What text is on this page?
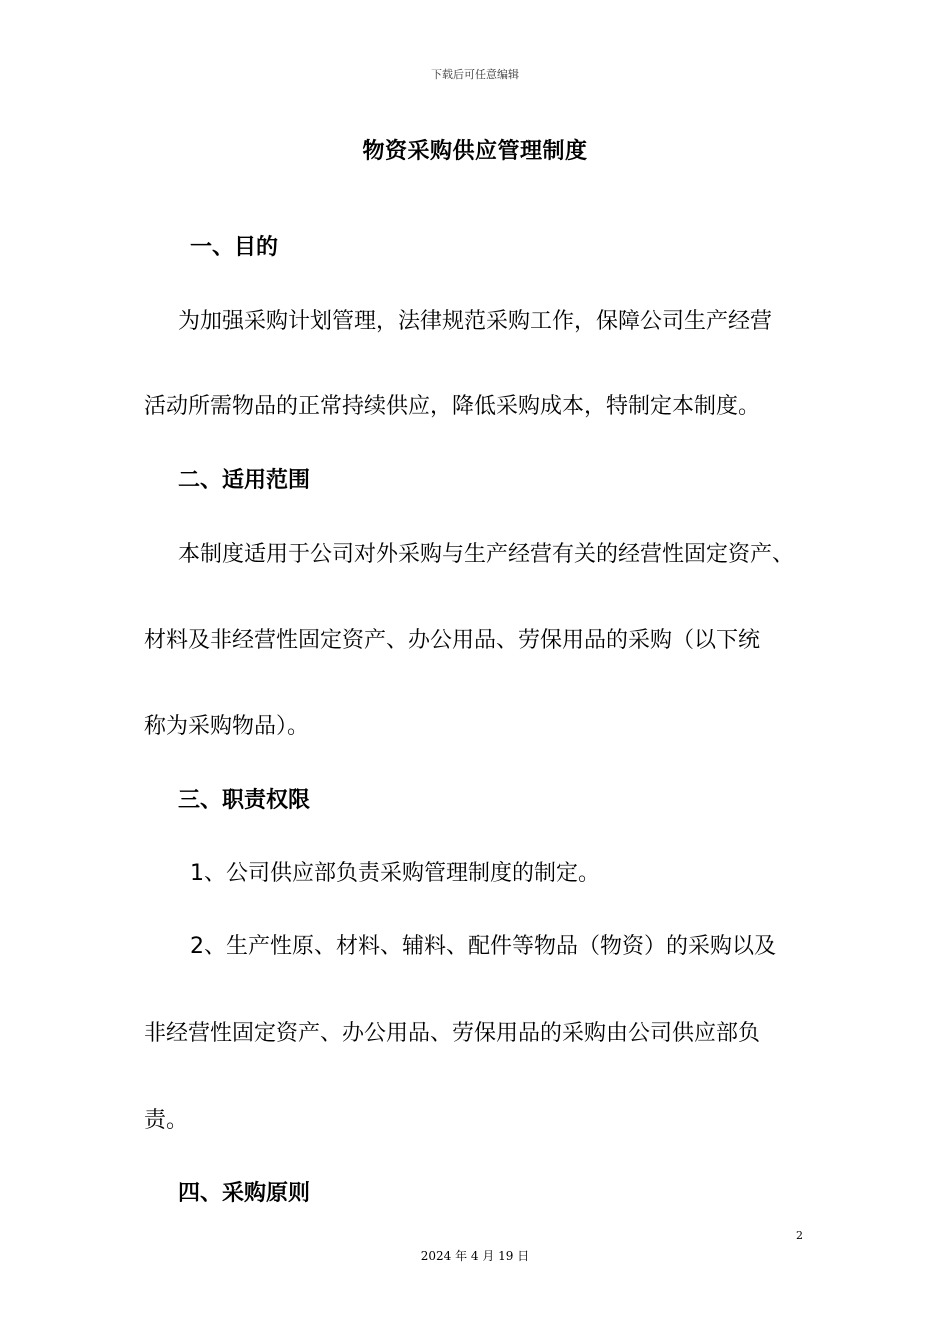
下载后可任意编辑
物资采购供应管理制度
一、目的
为加强采购计划管理，法律规范采购工作，保障公司生产经营
活动所需物品的正常持续供应，降低采购成本，特制定本制度。
二、适用范围
本制度适用于公司对外采购与生产经营有关的经营性固定资产、
材料及非经营性固定资产、办公用品、劳保用品的采购（以下统
称为采购物品）。
三、职责权限
1、公司供应部负责采购管理制度的制定。
2、生产性原、材料、辅料、配件等物品（物资）的采购以及
非经营性固定资产、办公用品、劳保用品的采购由公司供应部负
责。
四、采购原则
2
2024 年 4 月 19 日
